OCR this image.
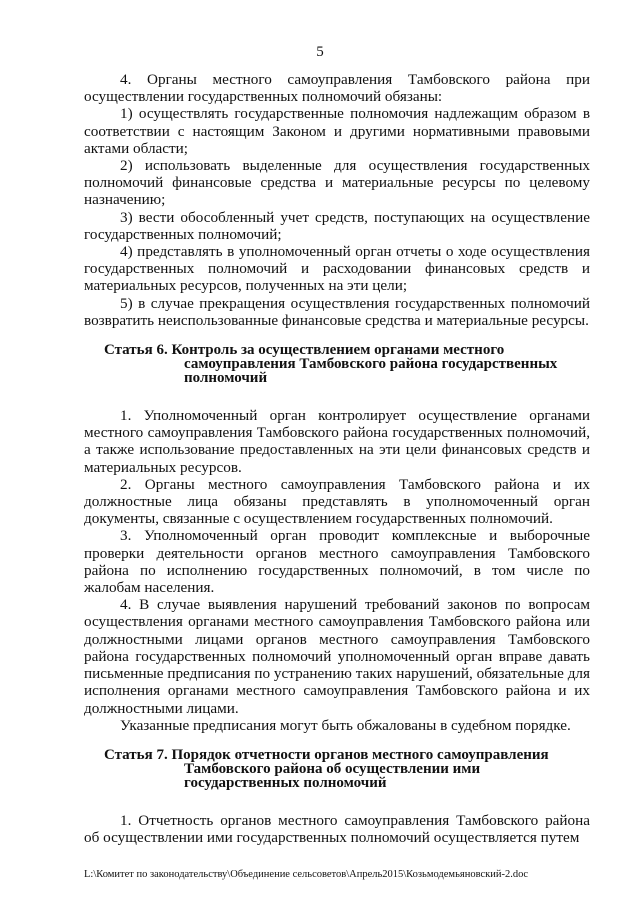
5

4. Органы местного самоуправления Тамбовского района при осуществлении государственных полномочий обязаны:

1) осуществлять государственные полномочия надлежащим образом в соответствии с настоящим Законом и другими нормативными правовыми актами области;

2) использовать выделенные для осуществления государственных полномочий финансовые средства и материальные ресурсы по целевому назначению;

3) вести обособленный учет средств, поступающих на осуществление государственных полномочий;

4) представлять в уполномоченный орган отчеты о ходе осуществления государственных полномочий и расходовании финансовых средств и материальных ресурсов, полученных на эти цели;

5) в случае прекращения осуществления государственных полномочий возвратить неиспользованные финансовые средства и материальные ресурсы.

Статья 6. Контроль за осуществлением органами местного
самоуправления Тамбовского района государственных
полномочий

1. Уполномоченный орган контролирует осуществление органами местного самоуправления Тамбовского района государственных полномочий, а также использование предоставленных на эти цели финансовых средств и материальных ресурсов.

2. Органы местного самоуправления Тамбовского района и их должностные лица обязаны представлять в уполномоченный орган документы, связанные с осуществлением государственных полномочий.

3. Уполномоченный орган проводит комплексные и выборочные проверки деятельности органов местного самоуправления Тамбовского района по исполнению государственных полномочий, в том числе по жалобам населения.

4. В случае выявления нарушений требований законов по вопросам осуществления органами местного самоуправления Тамбовского района или должностными лицами органов местного самоуправления Тамбовского района государственных полномочий уполномоченный орган вправе давать письменные предписания по устранению таких нарушений, обязательные для исполнения органами местного самоуправления Тамбовского района и их должностными лицами.

Указанные предписания могут быть обжалованы в судебном порядке.

Статья 7. Порядок отчетности органов местного самоуправления
Тамбовского района об осуществлении ими
государственных полномочий

1. Отчетность органов местного самоуправления Тамбовского района об осуществлении ими государственных полномочий осуществляется путем

L:\Комитет по законодательству\Объединение сельсоветов\Апрель2015\Козьмодемьяновский-2.doc
